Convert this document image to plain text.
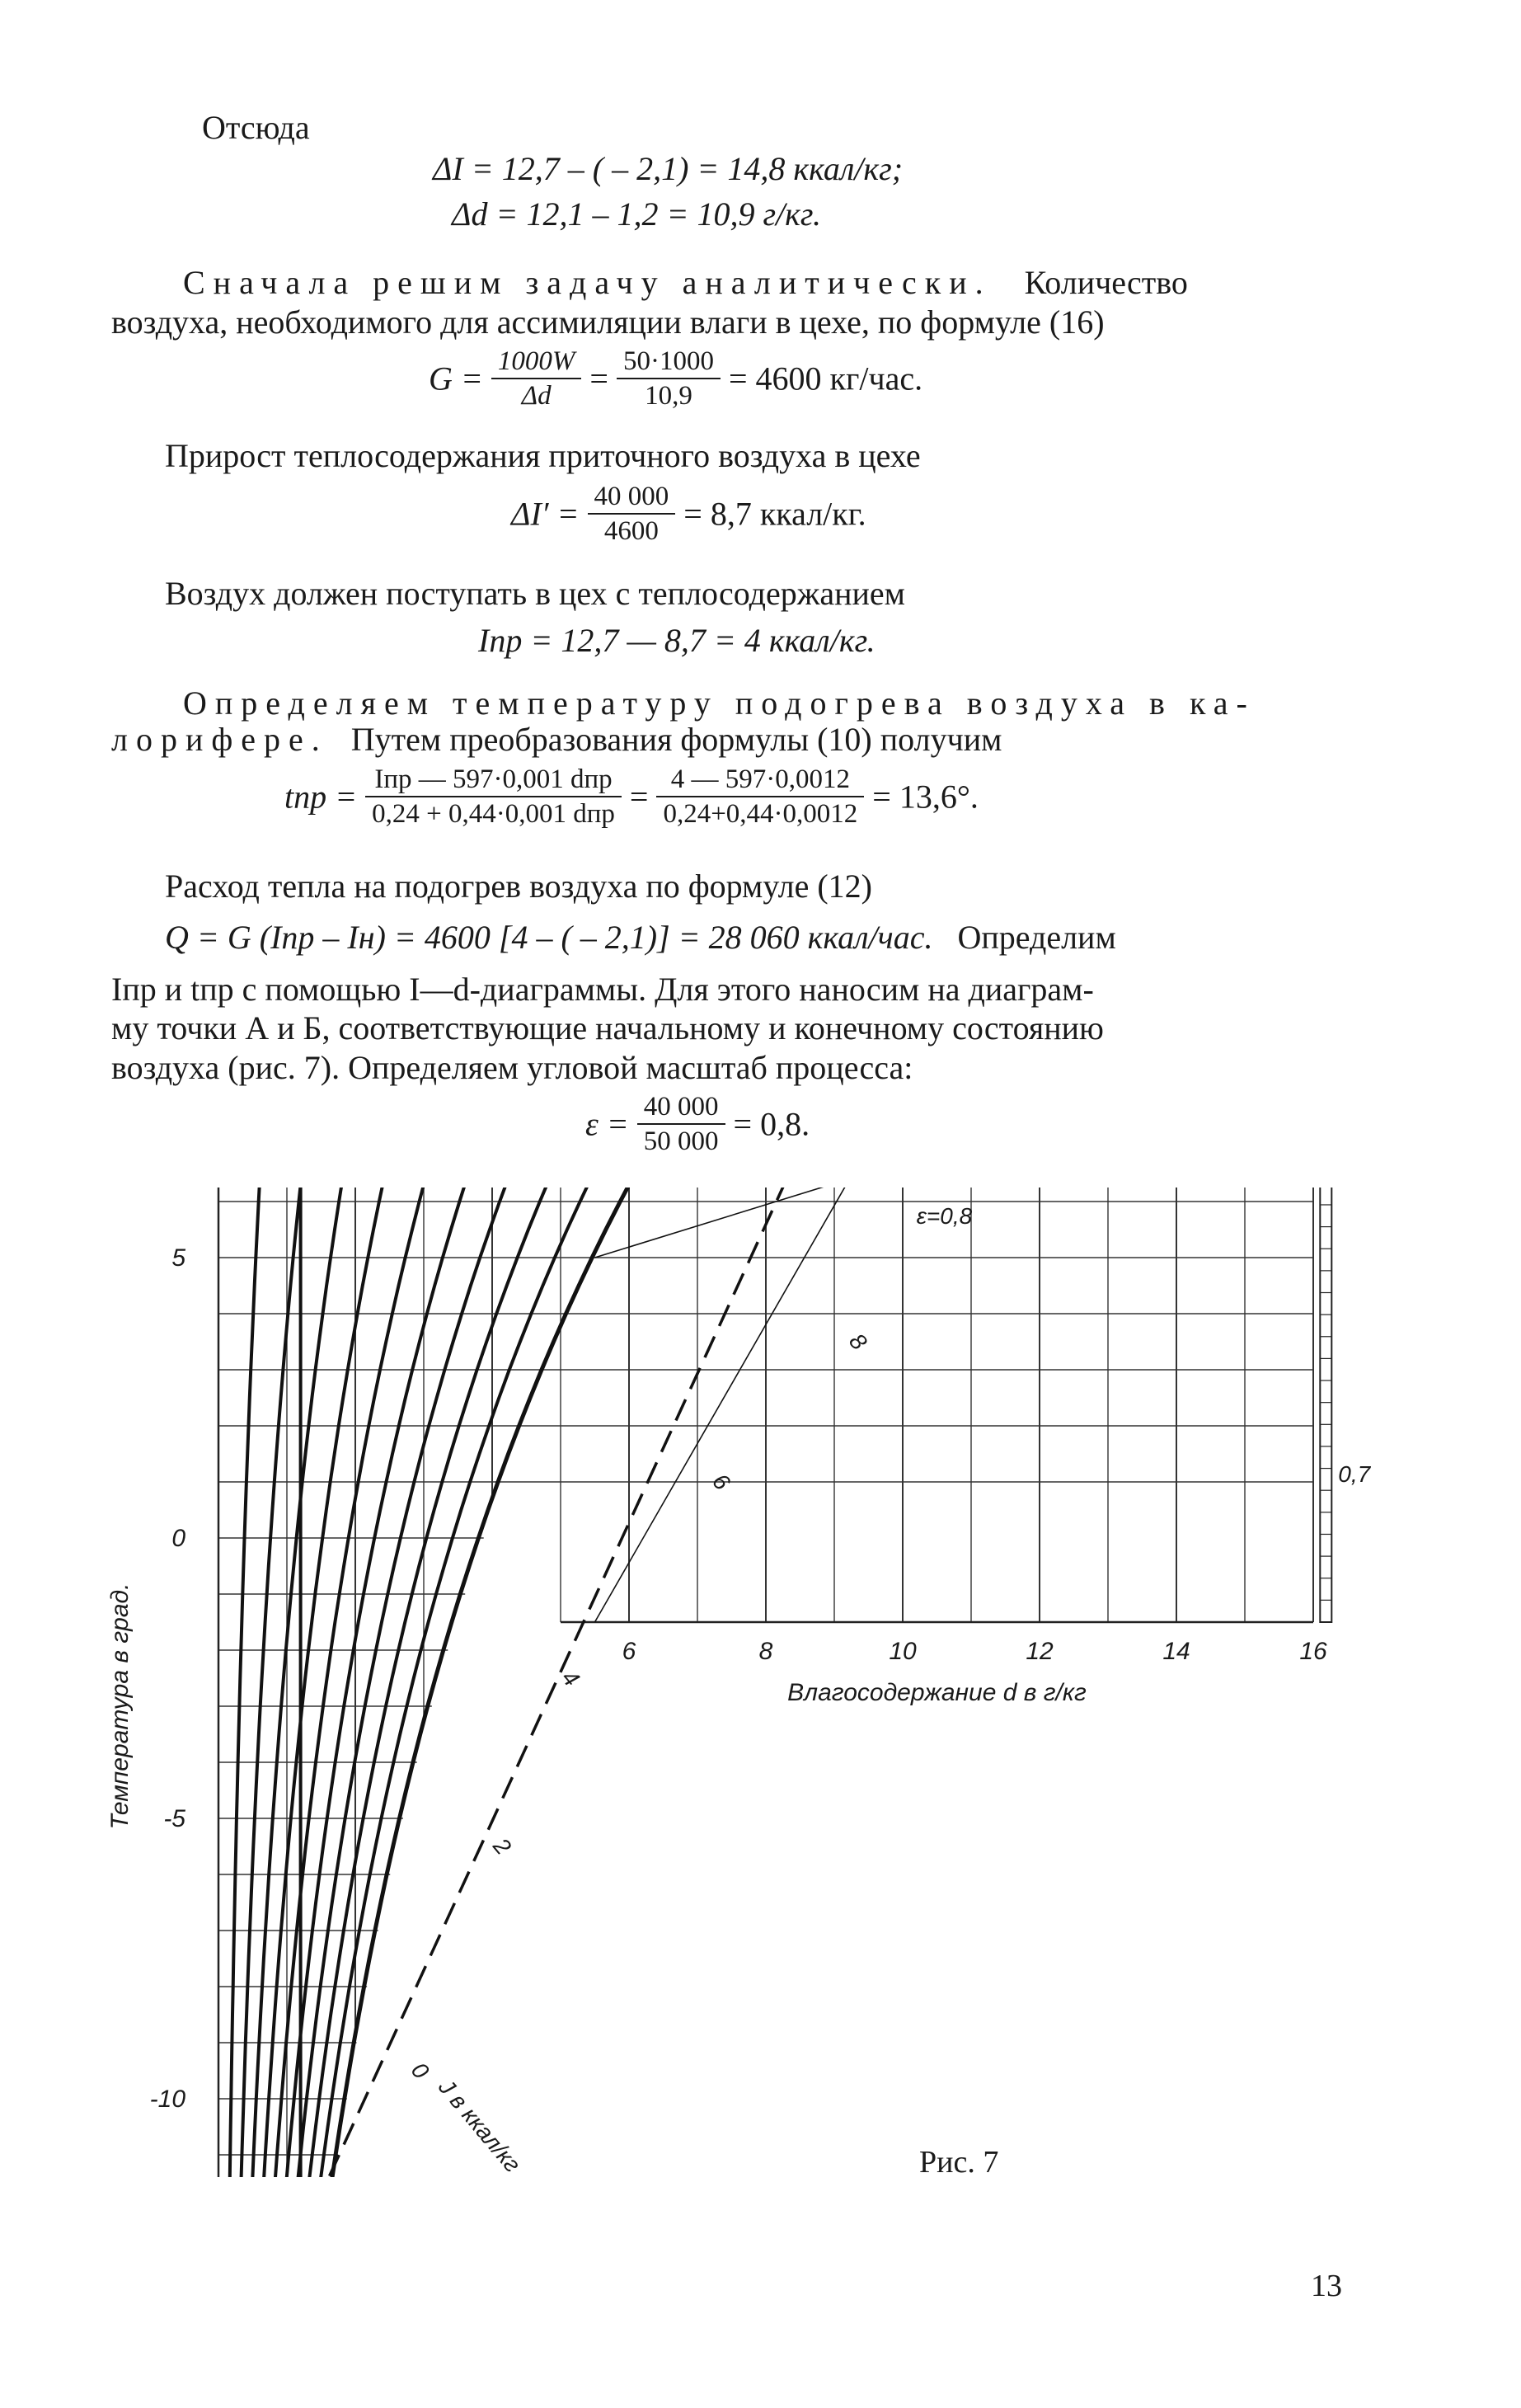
Отсюда
ΔI = 12,7 – ( – 2,1) = 14,8 ккал/кг;
Δd = 12,1 – 1,2 = 10,9 г/кг.
Сначала решим задачу аналитически. Количество
воздуха, необходимого для ассимиляции влаги в цехе, по формуле (16)
$G = \frac{1000W}{\Delta d} = \frac{50\cdot 1000}{10,9} = 4600$ кг/час.
Прирост теплосодержания приточного воздуха в цехе
$\Delta I' = \frac{40 000}{4600} = 8,7$ ккал/кг.
Воздух должен поступать в цех с теплосодержанием
Iпр = 12,7 — 8,7 = 4 ккал/кг.
Определяем температуру подогрева воздуха в ка-
лорифере. Путем преобразования формулы (10) получим
tпр = $\frac{\text{Iпр — 597·0,001 dпр}}{\text{0,24 + 0,44·0,001 dпр}} = \frac{4 — 597\cdot 0,0012}{0,24+0,44\cdot 0,0012} = 13,6^\circ$.
Расход тепла на подогрев воздуха по формуле (12)
Q = G (Iпр – Iн) = 4600 [4 – ( – 2,1)] = 28 060 ккал/час. Определим
Iпр и tпр с помощью I—d-диаграммы. Для этого наносим на диаграм-
му точки А и Б, соответствующие начальному и конечному состоянию
воздуха (рис. 7). Определяем угловой масштаб процесса:
$\varepsilon = \frac{40 000}{50 000} = 0,8$.
5
0
-5
-10
6	8	10	12	14	16
Влагосодержание d в г/кг
Температура в град.
8
6
4
2
0
J в ккал/кг
0,7
ε=0,8
Рис. 7
13
